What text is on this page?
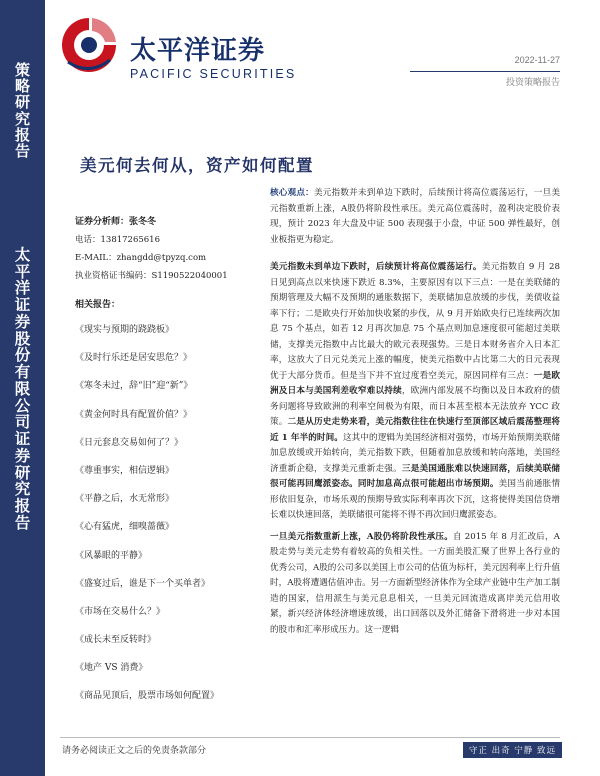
策
略
研
究
报
告
太
平
洋
证
券
股
份
有
限
公
司
证
券
研
究
报
告
太平洋证券
PACIFIC SECURITIES
2022-11-27
投资策略报告
美元何去何从，资产如何配置
证券分析师：张冬冬
电话：13817265616
E-MAIL：zhangdd@tpyzq.com
执业资格证书编码：S1190522040001
相关报告：
《现实与预期的跷跷板》
《及时行乐还是居安思危？》
《寒冬未过，辞“旧”迎“新”》
《黄金何时具有配置价值？》
《日元套息交易如何了？》
《尊重事实，相信逻辑》
《平静之后，水无常形》
《心有猛虎，细嗅蔷薇》
《风暴眼的平静》
《盛宴过后，谁是下一个买单者》
《市场在交易什么？》
《成长未至反转时》
《地产 VS 消费》
《商品见顶后，股票市场如何配置》

核心观点：美元指数并未到单边下跌时，后续预计将高位震荡运行，一旦美元指数重新上涨，A股仍将阶段性承压。美元高位震荡时，盈利决定股价表现，预计 2023 年大盘及中证 500 表现强于小盘，中证 500 弹性最好，创业板指更为稳定。

美元指数未到单边下跌时，后续预计将高位震荡运行。美元指数自 9 月 28 日见到高点以来快速下跌近 8.3%，主要原因有以下三点：一是在美联储的预期管理及大幅不及预期的通胀数据下，美联储加息放缓的步伐，美债收益率下行；二是欧央行开始加快收紧的步伐，从 9 月开始欧央行已连续两次加息 75 个基点，如若 12 月再次加息 75 个基点则加息速度很可能超过美联储，支撑美元指数中占比最大的欧元表现强势。三是日本财务省介入日本汇率，这放大了日元兑美元上涨的幅度，使美元指数中占比第二大的日元表现优于大部分货币。但是当下并不宜过度看空美元，原因同样有三点：一是欧洲及日本与美国利差收窄难以持续，欧洲内部发展不均衡以及日本政府的债务问题将导致欧洲的利率空间极为有限，而日本甚至根本无法放弃 YCC 政策。二是从历史走势来看，美元指数往往在快速行至顶部区域后震荡整理将近 1 年半的时间。这其中的逻辑为美国经济相对强势，市场开始预期美联储加息放缓或开始转向，美元指数下跌，但随着加息放缓和转向落地，美国经济重新企稳，支撑美元重新走强。三是美国通胀难以快速回落，后续美联储很可能再回鹰派姿态。同时加息高点很可能超出市场预期。美国当前通胀情形依旧复杂，市场乐观的预期导致实际利率再次下沉，这将使得美国信贷增长难以快速回落，美联储很可能将不得不再次回归鹰派姿态。

一旦美元指数重新上涨，A股仍将阶段性承压。自 2015 年 8 月汇改后，A股走势与美元走势有着较高的负相关性。一方面美股汇聚了世界上各行业的优秀公司，A股的公司多以美国上市公司的估值为标杆，美元因利率上行升值时，A股将遭遇估值冲击。另一方面新型经济体作为全球产业链中生产加工制造的国家，信用派生与美元息息相关，一旦美元回流造成离岸美元信用收紧，新兴经济体经济增速放缓，出口回落以及外汇储备下滑将进一步对本国的股市和汇率形成压力。这一逻辑

请务必阅读正文之后的免责条款部分	守正 出奇 宁静 致远
